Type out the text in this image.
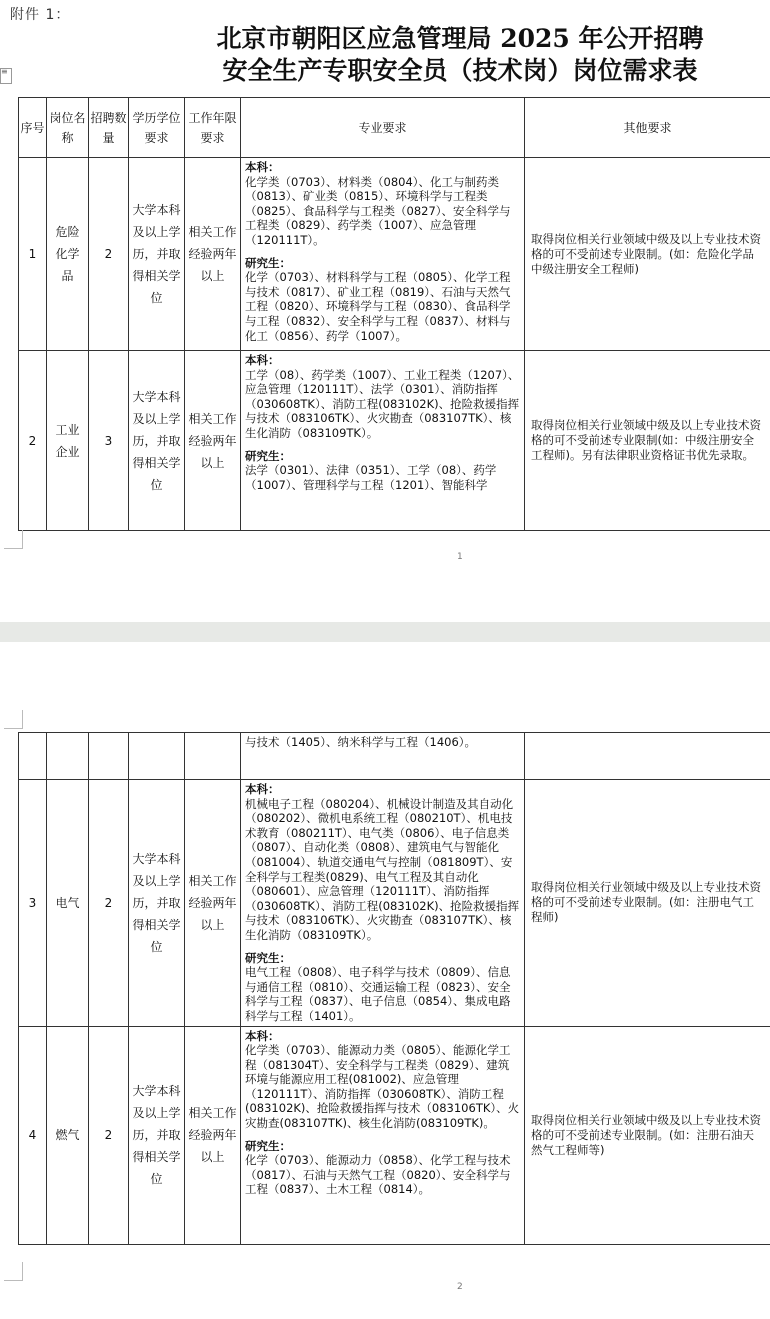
附件 1：
≡
北京市朝阳区应急管理局 2025 年公开招聘
安全生产专职安全员（技术岗）岗位需求表
序号	岗位名称	招聘数量	学历学位要求	工作年限要求	专业要求	其他要求
1	危险化学品	2	大学本科及以上学历，并取得相关学位	相关工作经验两年以上	本科：
化学类（0703）、材料类（0804）、化工与制药类（0813）、矿业类（0815）、环境科学与工程类（0825）、食品科学与工程类（0827）、安全科学与工程类（0829）、药学类（1007）、应急管理（120111T）。
研究生：
化学（0703）、材料科学与工程（0805）、化学工程与技术（0817）、矿业工程（0819）、石油与天然气工程（0820）、环境科学与工程（0830）、食品科学与工程（0832）、安全科学与工程（0837）、材料与化工（0856）、药学（1007）。	取得岗位相关行业领域中级及以上专业技术资格的可不受前述专业限制。(如：危险化学品中级注册安全工程师)
2	工业企业	3	大学本科及以上学历，并取得相关学位	相关工作经验两年以上	本科：
工学（08）、药学类（1007）、工业工程类（1207）、应急管理（120111T）、法学（0301）、消防指挥（030608TK）、消防工程(083102K)、抢险救援指挥与技术（083106TK）、火灾勘查（083107TK）、核生化消防（083109TK）。
研究生：
法学（0301）、法律（0351）、工学（08）、药学（1007）、管理科学与工程（1201）、智能科学	取得岗位相关行业领域中级及以上专业技术资格的可不受前述专业限制(如：中级注册安全工程师)。另有法律职业资格证书优先录取。
1

					与技术（1405）、纳米科学与工程（1406）。	

3	电气	2	大学本科及以上学历，并取得相关学位	相关工作经验两年以上	本科：
机械电子工程（080204）、机械设计制造及其自动化（080202）、微机电系统工程（080210T）、机电技术教育（080211T）、电气类（0806）、电子信息类（0807）、自动化类（0808）、建筑电气与智能化（081004）、轨道交通电气与控制（081809T）、安全科学与工程类(0829)、电气工程及其自动化（080601）、应急管理（120111T）、消防指挥（030608TK）、消防工程(083102K)、抢险救援指挥与技术（083106TK）、火灾勘查（083107TK）、核生化消防（083109TK）。
研究生：
电气工程（0808）、电子科学与技术（0809）、信息与通信工程（0810）、交通运输工程（0823）、安全科学与工程（0837）、电子信息（0854）、集成电路科学与工程（1401）。	取得岗位相关行业领域中级及以上专业技术资格的可不受前述专业限制。(如：注册电气工程师)
4	燃气	2	大学本科及以上学历，并取得相关学位	相关工作经验两年以上	本科：
化学类（0703）、能源动力类（0805）、能源化学工程（081304T）、安全科学与工程类（0829）、建筑环境与能源应用工程(081002)、应急管理（120111T）、消防指挥（030608TK）、消防工程(083102K)、抢险救援指挥与技术（083106TK）、火灾勘查(083107TK)、核生化消防(083109TK)。
研究生：
化学（0703）、能源动力（0858）、化学工程与技术（0817）、石油与天然气工程（0820）、安全科学与工程（0837）、土木工程（0814）。	取得岗位相关行业领域中级及以上专业技术资格的可不受前述专业限制。(如：注册石油天然气工程师等)
2
